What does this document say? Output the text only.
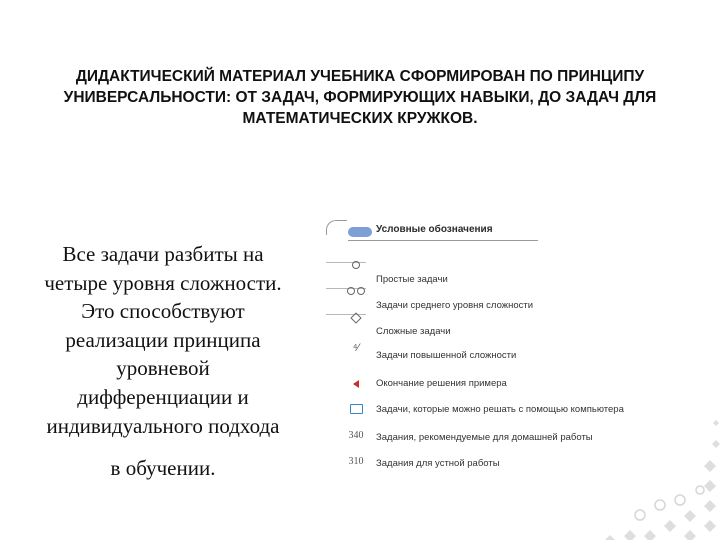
ДИДАКТИЧЕСКИЙ МАТЕРИАЛ УЧЕБНИКА СФОРМИРОВАН ПО ПРИНЦИПУ
УНИВЕРСАЛЬНОСТИ: ОТ ЗАДАЧ, ФОРМИРУЮЩИХ НАВЫКИ, ДО ЗАДАЧ ДЛЯ
МАТЕМАТИЧЕСКИХ КРУЖКОВ.
Все задачи разбиты на
четыре уровня сложности.
Это способствуют
реализации принципа
уровневой
дифференциации и
индивидуального подхода
в обучении.
Условные обозначения
Простые задачи
Задачи среднего уровня сложности
Сложные задачи
⁴⁄
Задачи повышенной сложности
Окончание решения примера
Задачи, которые можно решать с помощью компьютера
340	Задания, рекомендуемые для домашней работы
310	Задания для устной работы
